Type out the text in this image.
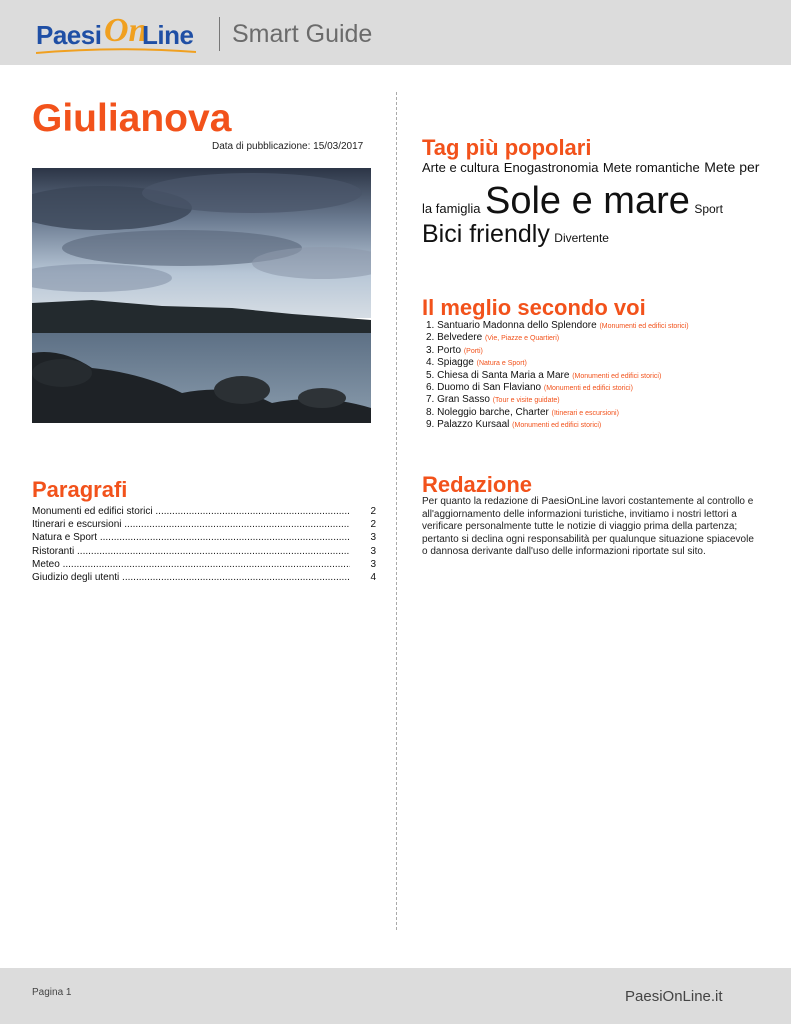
Paesi On
Line Smart Guide
Giulianova
Data di pubblicazione: 15/03/2017
Paragrafi
Monumenti ed edifici storici .....	2
Itinerari e escursioni .....	2
Natura e Sport .....	3
Ristoranti .....	3
Meteo .....	3
Giudizio degli utenti .....	4
Tag più popolari
Arte e cultura Enogastronomia Mete romantiche Mete per
la famiglia Sole e mare Sport
Bici friendly Divertente
Il meglio secondo voi
1. Santuario Madonna dello Splendore (Monumenti ed edifici storici)
2. Belvedere (Vie, Piazze e Quartieri)
3. Porto (Porti)
4. Spiagge (Natura e Sport)
5. Chiesa di Santa Maria a Mare (Monumenti ed edifici storici)
6. Duomo di San Flaviano (Monumenti ed edifici storici)
7. Gran Sasso (Tour e visite guidate)
8. Noleggio barche, Charter (Itinerari e escursioni)
9. Palazzo Kursaal (Monumenti ed edifici storici)
Redazione
Per quanto la redazione di PaesiOnLine lavori costantemente al controllo e all'aggiornamento delle informazioni turistiche, invitiamo i nostri lettori a verificare personalmente tutte le notizie di viaggio prima della partenza; pertanto si declina ogni responsabilità per qualunque situazione spiacevole o dannosa derivante dall'uso delle informazioni riportate sul sito.
Pagina 1	PaesiOnLine.it
